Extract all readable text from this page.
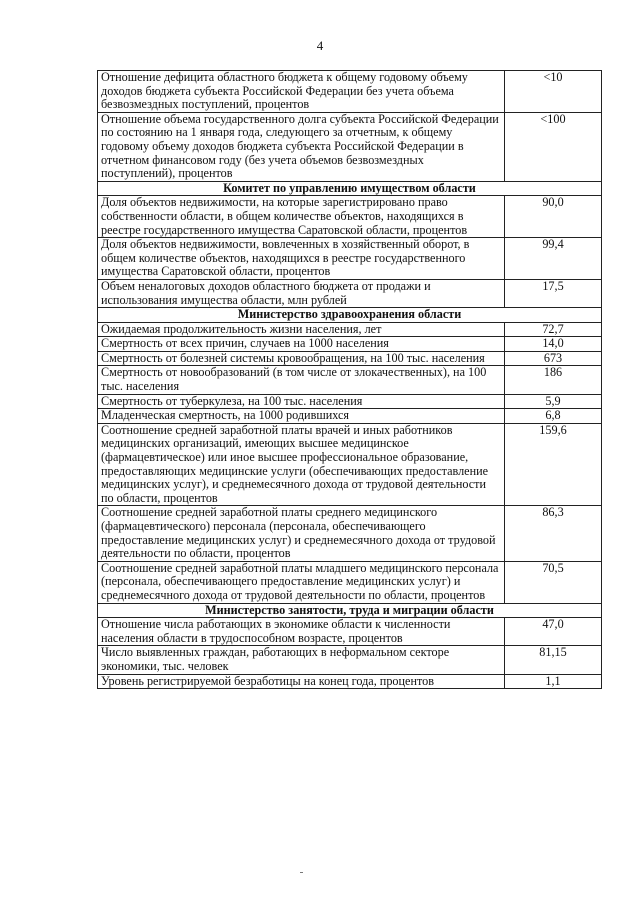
4
Отношение дефицита областного бюджета к общему годовому объему доходов бюджета субъекта Российской Федерации без учета объема безвозмездных поступлений, процентов	<10
Отношение объема государственного долга субъекта Российской Федерации по состоянию на 1 января года, следующего за отчетным, к общему годовому объему доходов бюджета субъекта Российской Федерации в отчетном финансовом году (без учета объемов безвозмездных поступлений), процентов	<100
Комитет по управлению имуществом области	
Доля объектов недвижимости, на которые зарегистрировано право собственности области, в общем количестве объектов, находящихся в реестре государственного имущества Саратовской области, процентов	90,0
Доля объектов недвижимости, вовлеченных в хозяйственный оборот, в общем количестве объектов, находящихся в реестре государственного имущества Саратовской области, процентов	99,4
Объем неналоговых доходов областного бюджета от продажи и использования имущества области, млн рублей	17,5
Министерство здравоохранения области	
Ожидаемая продолжительность жизни населения, лет	72,7
Смертность от всех причин, случаев на 1000 населения	14,0
Смертность от болезней системы кровообращения, на 100 тыс. населения	673
Смертность от новообразований (в том числе от злокачественных), на 100 тыс. населения	186
Смертность от туберкулеза, на 100 тыс. населения	5,9
Младенческая смертность, на 1000 родившихся	6,8
Соотношение средней заработной платы врачей и иных работников медицинских организаций, имеющих высшее медицинское (фармацевтическое) или иное высшее профессиональное образование, предоставляющих медицинские услуги (обеспечивающих предоставление медицинских услуг), и среднемесячного дохода от трудовой деятельности по области, процентов	159,6
Соотношение средней заработной платы среднего медицинского (фармацевтического) персонала (персонала, обеспечивающего предоставление медицинских услуг) и среднемесячного дохода от трудовой деятельности по области, процентов	86,3
Соотношение средней заработной платы младшего медицинского персонала (персонала, обеспечивающего предоставление медицинских услуг) и среднемесячного дохода от трудовой деятельности по области, процентов	70,5
Министерство занятости, труда и миграции области	
Отношение числа работающих в экономике области к численности населения области в трудоспособном возрасте, процентов	47,0
Число выявленных граждан, работающих в неформальном секторе экономики, тыс. человек	81,15
Уровень регистрируемой безработицы на конец года, процентов	1,1
